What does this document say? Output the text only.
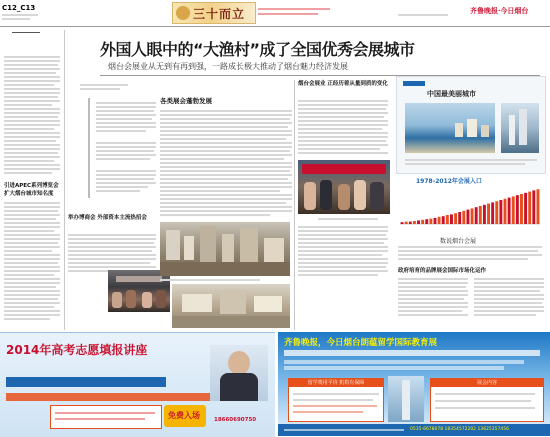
C12_C13	三十而立	齐鲁晚报·今日烟台
外国人眼中的“大渔村”成了全国优秀会展城市
烟台会展业从无到有再到强，一路成长极大推动了烟台魅力经济发展
引进APEC系列博览会 扩大烟台城市知名度
举办博商会 外部资本主流热招会
各类展会蓬勃发展
烟台会展业 正经历着从量到质的变化
中国最美丽城市
1978-2012年会展入口
数说烟台会展
政府培育的品牌展会国际市场化运作
2014年高考志愿填报讲座
免费入场	18660690750
齐鲁晚报，今日烟台朗蕴留学国际教育展
留学费用平价 机构有保障	展会内容
0535-6678078 18354572202 13625357456
